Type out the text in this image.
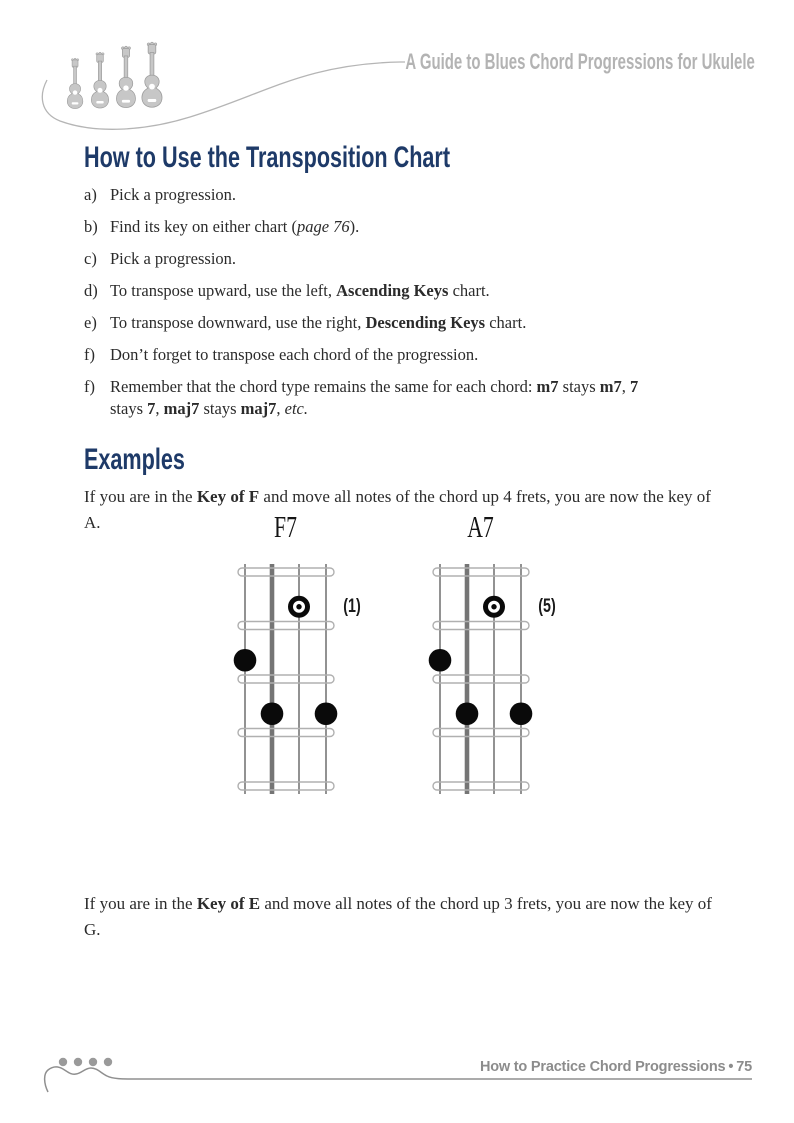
A Guide to Blues Chord Progressions for Ukulele
How to Use the Transposition Chart
a) Pick a progression.
b) Find its key on either chart (page 76).
c) Pick a progression.
d) To transpose upward, use the left, Ascending Keys chart.
e) To transpose downward, use the right, Descending Keys chart.
f) Don’t forget to transpose each chord of the progression.
f) Remember that the chord type remains the same for each chord: m7 stays m7, 7 stays 7, maj7 stays maj7, etc.
Examples

If you are in the Key of F and move all notes of the chord up 4 frets, you are now the key of A.	F7
(1)
A7
(5)

If you are in the Key of E and move all notes of the chord up 3 frets, you are now the key of G.

How to Practice Chord Progressions • 75
